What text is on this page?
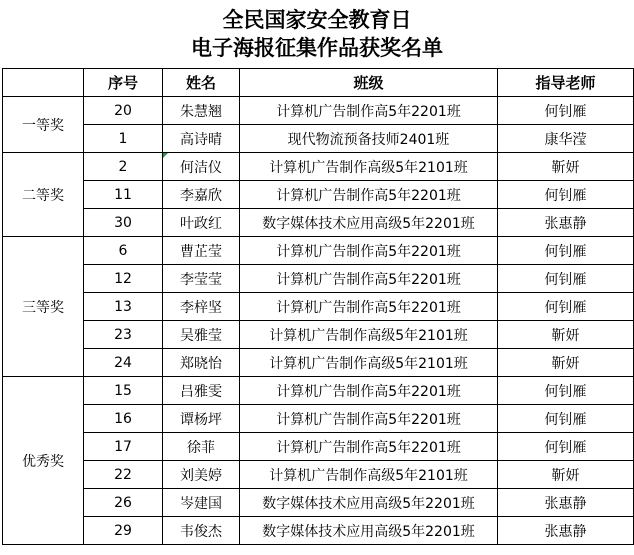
全民国家安全教育日
电子海报征集作品获奖名单
	序号	姓名	班级	指导老师
一等奖	20	朱慧翘	计算机广告制作高5年2201班	何钊雁
	1	高诗晴	现代物流预备技师2401班	康华滢
二等奖	2	何洁仪	计算机广告制作高级5年2101班	靳妍
	11	李嘉欣	计算机广告制作高5年2201班	何钊雁
	30	叶政红	数字媒体技术应用高级5年2201班	张惠静
三等奖	6	曹芷莹	计算机广告制作高5年2201班	何钊雁
	12	李莹莹	计算机广告制作高5年2201班	何钊雁
	13	李梓坚	计算机广告制作高5年2201班	何钊雁
	23	吴雅莹	计算机广告制作高级5年2101班	靳妍
	24	郑晓怡	计算机广告制作高级5年2101班	靳妍
优秀奖	15	吕雅雯	计算机广告制作高5年2201班	何钊雁
	16	谭杨坪	计算机广告制作高5年2201班	何钊雁
	17	徐菲	计算机广告制作高5年2201班	何钊雁
	22	刘美婷	计算机广告制作高级5年2101班	靳妍
	26	岑建国	数字媒体技术应用高级5年2201班	张惠静
	29	韦俊杰	数字媒体技术应用高级5年2201班	张惠静
